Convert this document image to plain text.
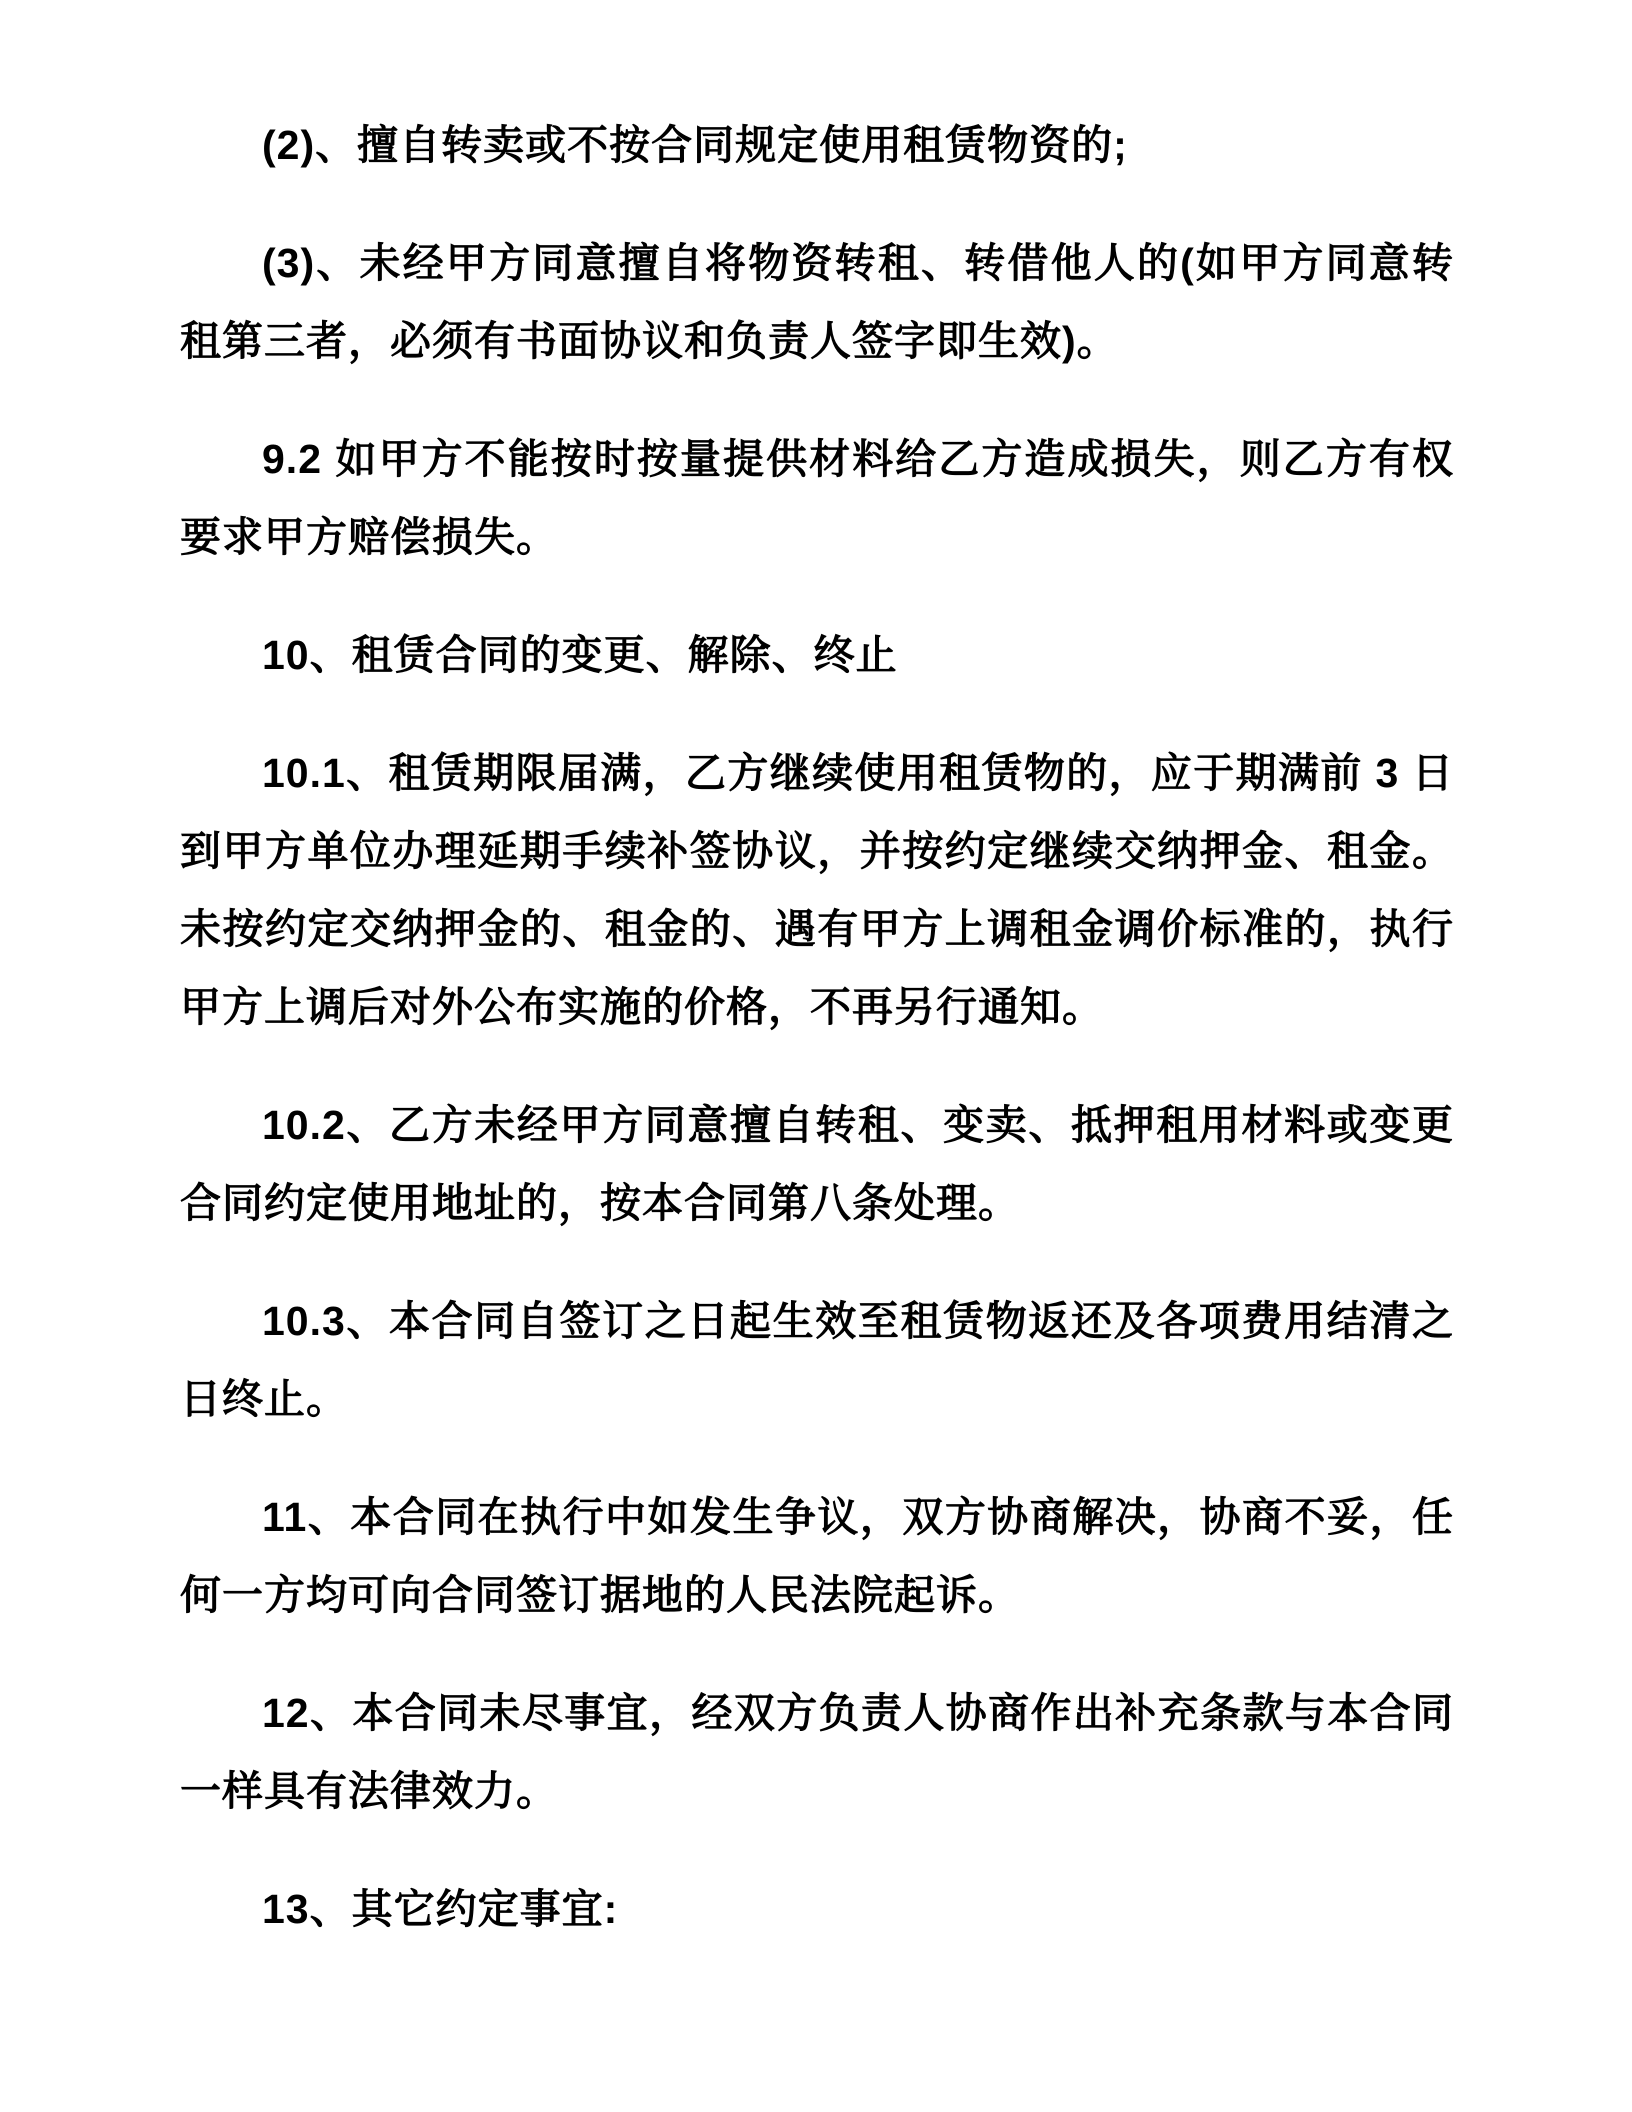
(2)、擅自转卖或不按合同规定使用租赁物资的;

(3)、未经甲方同意擅自将物资转租、转借他人的(如甲方同意转租第三者，必须有书面协议和负责人签字即生效)。

9.2 如甲方不能按时按量提供材料给乙方造成损失，则乙方有权要求甲方赔偿损失。

10、租赁合同的变更、解除、终止

10.1、租赁期限届满，乙方继续使用租赁物的，应于期满前 3 日到甲方单位办理延期手续补签协议，并按约定继续交纳押金、租金。未按约定交纳押金的、租金的、遇有甲方上调租金调价标准的，执行甲方上调后对外公布实施的价格，不再另行通知。

10.2、乙方未经甲方同意擅自转租、变卖、抵押租用材料或变更合同约定使用地址的，按本合同第八条处理。

10.3、本合同自签订之日起生效至租赁物返还及各项费用结清之日终止。

11、本合同在执行中如发生争议，双方协商解决，协商不妥，任何一方均可向合同签订据地的人民法院起诉。

12、本合同未尽事宜，经双方负责人协商作出补充条款与本合同一样具有法律效力。

13、其它约定事宜:
